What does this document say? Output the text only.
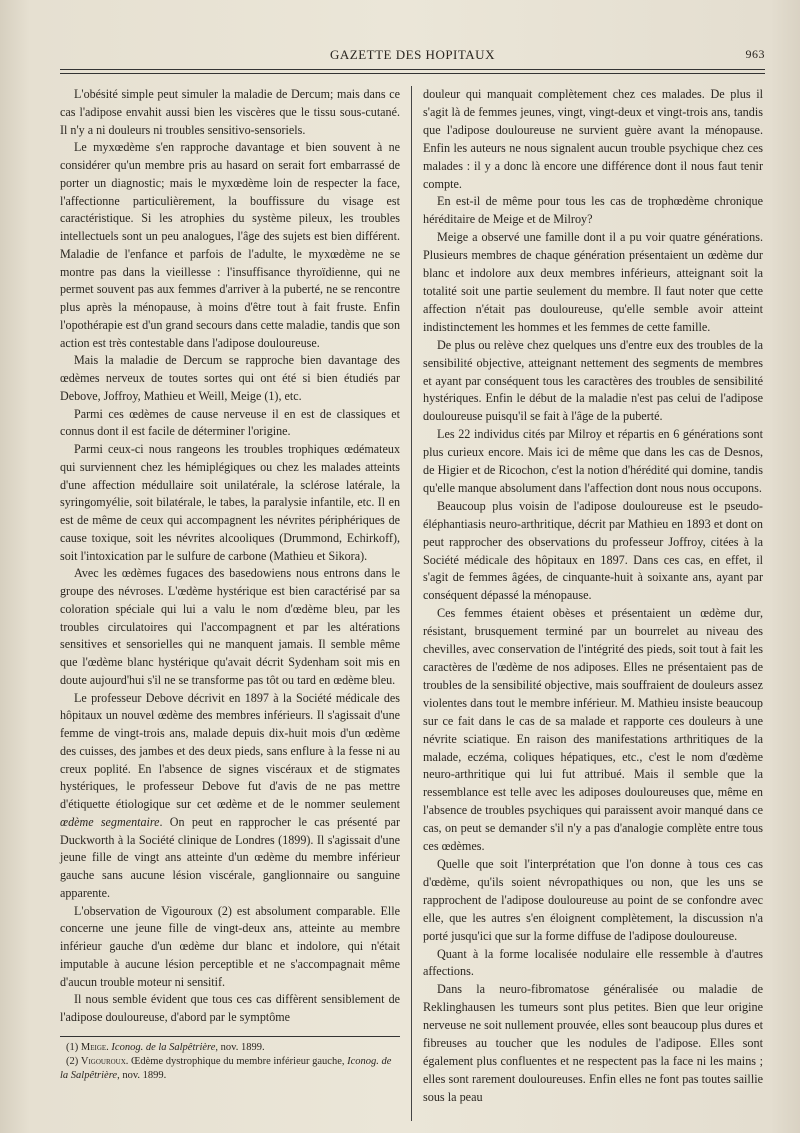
GAZETTE DES HOPITAUX	963

L'obésité simple peut simuler la maladie de Dercum; mais dans ce cas l'adipose envahit aussi bien les viscères que le tissu sous-cutané. Il n'y a ni douleurs ni troubles sensitivo-sensoriels.

Le myxœdème s'en rapproche davantage et bien souvent à ne considérer qu'un membre pris au hasard on serait fort embarrassé de porter un diagnostic; mais le myxœdème loin de respecter la face, l'affectionne particulièrement, la bouffissure du visage est caractéristique. Si les atrophies du système pileux, les troubles intellectuels sont un peu analogues, l'âge des sujets est bien différent. Maladie de l'enfance et parfois de l'adulte, le myxœdème ne se montre pas dans la vieillesse : l'insuffisance thyroïdienne, qui ne permet souvent pas aux femmes d'arriver à la puberté, ne se rencontre plus après la ménopause, à moins d'être tout à fait fruste. Enfin l'opothérapie est d'un grand secours dans cette maladie, tandis que son action est très contestable dans l'adipose douloureuse.

Mais la maladie de Dercum se rapproche bien davantage des œdèmes nerveux de toutes sortes qui ont été si bien étudiés par Debove, Joffroy, Mathieu et Weill, Meige (1), etc.

Parmi ces œdèmes de cause nerveuse il en est de classiques et connus dont il est facile de déterminer l'origine.

Parmi ceux-ci nous rangeons les troubles trophiques œdémateux qui surviennent chez les hémiplégiques ou chez les malades atteints d'une affection médullaire soit unilatérale, la sclérose latérale, la syringomyélie, soit bilatérale, le tabes, la paralysie infantile, etc. Il en est de même de ceux qui accompagnent les névrites périphériques de cause toxique, soit les névrites alcooliques (Drummond, Echirkoff), soit l'intoxication par le sulfure de carbone (Mathieu et Sikora).

Avec les œdèmes fugaces des basedowiens nous entrons dans le groupe des névroses. L'œdème hystérique est bien caractérisé par sa coloration spéciale qui lui a valu le nom d'œdème bleu, par les troubles circulatoires qui l'accompagnent et par les altérations sensitives et sensorielles qui ne manquent jamais. Il semble même que l'œdème blanc hystérique qu'avait décrit Sydenham soit mis en doute aujourd'hui s'il ne se transforme pas tôt ou tard en œdème bleu.

Le professeur Debove décrivit en 1897 à la Société médicale des hôpitaux un nouvel œdème des membres inférieurs. Il s'agissait d'une femme de vingt-trois ans, malade depuis dix-huit mois d'un œdème des cuisses, des jambes et des deux pieds, sans enflure à la fesse ni au creux poplité. En l'absence de signes viscéraux et de stigmates hystériques, le professeur Debove fut d'avis de ne pas mettre d'étiquette étiologique sur cet œdème et de le nommer seulement œdème segmentaire. On peut en rapprocher le cas présenté par Duckworth à la Société clinique de Londres (1899). Il s'agissait d'une jeune fille de vingt ans atteinte d'un œdème du membre inférieur gauche sans aucune lésion viscérale, ganglionnaire ou sanguine apparente.

L'observation de Vigouroux (2) est absolument comparable. Elle concerne une jeune fille de vingt-deux ans, atteinte au membre inférieur gauche d'un œdème dur blanc et indolore, qui n'était imputable à aucune lésion perceptible et ne s'accompagnait même d'aucun trouble moteur ni sensitif.

Il nous semble évident que tous ces cas diffèrent sensiblement de l'adipose douloureuse, d'abord par le symptôme

(1) Meige. Iconog. de la Salpêtrière, nov. 1899.

(2) Vigouroux. Œdème dystrophique du membre inférieur gauche, Iconog. de la Salpêtrière, nov. 1899.

douleur qui manquait complètement chez ces malades. De plus il s'agit là de femmes jeunes, vingt, vingt-deux et vingt-trois ans, tandis que l'adipose douloureuse ne survient guère avant la ménopause. Enfin les auteurs ne nous signalent aucun trouble psychique chez ces malades : il y a donc là encore une différence dont il nous faut tenir compte.

En est-il de même pour tous les cas de trophœdème chronique héréditaire de Meige et de Milroy?

Meige a observé une famille dont il a pu voir quatre générations. Plusieurs membres de chaque génération présentaient un œdème dur blanc et indolore aux deux membres inférieurs, atteignant soit la totalité soit une partie seulement du membre. Il faut noter que cette affection n'était pas douloureuse, qu'elle semble avoir atteint indistinctement les hommes et les femmes de cette famille.

De plus ou relève chez quelques uns d'entre eux des troubles de la sensibilité objective, atteignant nettement des segments de membres et ayant par conséquent tous les caractères des troubles de sensibilité hystériques. Enfin le début de la maladie n'est pas celui de l'adipose douloureuse puisqu'il se fait à l'âge de la puberté.

Les 22 individus cités par Milroy et répartis en 6 générations sont plus curieux encore. Mais ici de même que dans les cas de Desnos, de Higier et de Ricochon, c'est la notion d'hérédité qui domine, tandis qu'elle manque absolument dans l'affection dont nous nous occupons.

Beaucoup plus voisin de l'adipose douloureuse est le pseudo-éléphantiasis neuro-arthritique, décrit par Mathieu en 1893 et dont on peut rapprocher des observations du professeur Joffroy, citées à la Société médicale des hôpitaux en 1897. Dans ces cas, en effet, il s'agit de femmes âgées, de cinquante-huit à soixante ans, ayant par conséquent dépassé la ménopause.

Ces femmes étaient obèses et présentaient un œdème dur, résistant, brusquement terminé par un bourrelet au niveau des chevilles, avec conservation de l'intégrité des pieds, soit tout à fait les caractères de l'œdème de nos adiposes. Elles ne présentaient pas de troubles de la sensibilité objective, mais souffraient de douleurs assez violentes dans tout le membre inférieur. M. Mathieu insiste beaucoup sur ce fait dans le cas de sa malade et rapporte ces douleurs à une névrite sciatique. En raison des manifestations arthritiques de la malade, eczéma, coliques hépatiques, etc., c'est le nom d'œdème neuro-arthritique qui lui fut attribué. Mais il semble que la ressemblance est telle avec les adiposes douloureuses que, même en l'absence de troubles psychiques qui paraissent avoir manqué dans ce cas, on peut se demander s'il n'y a pas d'analogie complète entre tous ces œdèmes.

Quelle que soit l'interprétation que l'on donne à tous ces cas d'œdème, qu'ils soient névropathiques ou non, que les uns se rapprochent de l'adipose douloureuse au point de se confondre avec elle, que les autres s'en éloignent complètement, la discussion n'a porté jusqu'ici que sur la forme diffuse de l'adipose douloureuse.

Quant à la forme localisée nodulaire elle ressemble à d'autres affections.

Dans la neuro-fibromatose généralisée ou maladie de Reklinghausen les tumeurs sont plus petites. Bien que leur origine nerveuse ne soit nullement prouvée, elles sont beaucoup plus dures et fibreuses au toucher que les nodules de l'adipose. Elles sont également plus confluentes et ne respectent pas la face ni les mains ; elles sont rarement douloureuses. Enfin elles ne font pas toutes saillie sous la peau
